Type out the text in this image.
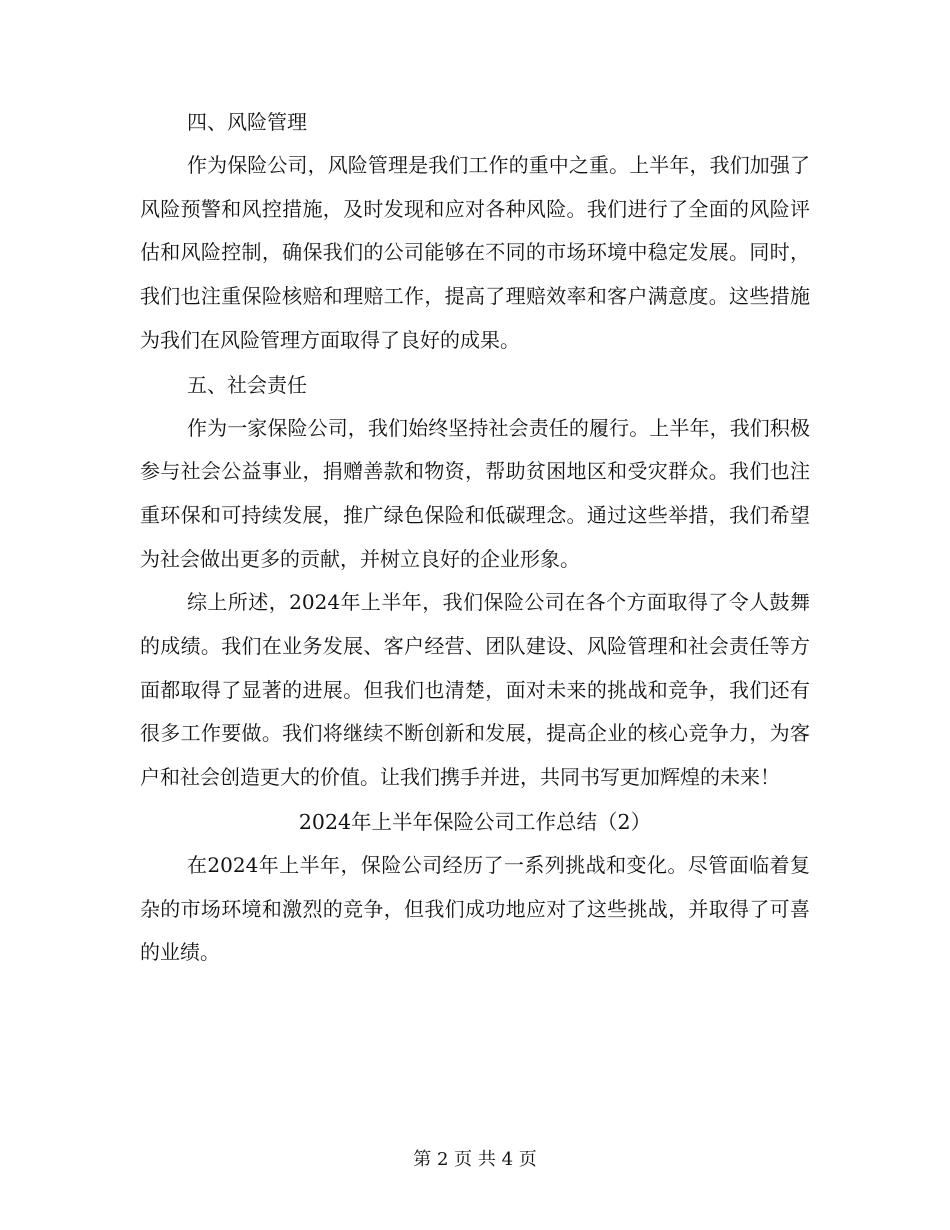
四、风险管理

作为保险公司，风险管理是我们工作的重中之重。上半年，我们加强了风险预警和风控措施，及时发现和应对各种风险。我们进行了全面的风险评估和风险控制，确保我们的公司能够在不同的市场环境中稳定发展。同时，我们也注重保险核赔和理赔工作，提高了理赔效率和客户满意度。这些措施为我们在风险管理方面取得了良好的成果。

五、社会责任

作为一家保险公司，我们始终坚持社会责任的履行。上半年，我们积极参与社会公益事业，捐赠善款和物资，帮助贫困地区和受灾群众。我们也注重环保和可持续发展，推广绿色保险和低碳理念。通过这些举措，我们希望为社会做出更多的贡献，并树立良好的企业形象。

综上所述，2024年上半年，我们保险公司在各个方面取得了令人鼓舞的成绩。我们在业务发展、客户经营、团队建设、风险管理和社会责任等方面都取得了显著的进展。但我们也清楚，面对未来的挑战和竞争，我们还有很多工作要做。我们将继续不断创新和发展，提高企业的核心竞争力，为客户和社会创造更大的价值。让我们携手并进，共同书写更加辉煌的未来！

2024年上半年保险公司工作总结（2）

在2024年上半年，保险公司经历了一系列挑战和变化。尽管面临着复杂的市场环境和激烈的竞争，但我们成功地应对了这些挑战，并取得了可喜的业绩。

第 2 页 共 4 页
